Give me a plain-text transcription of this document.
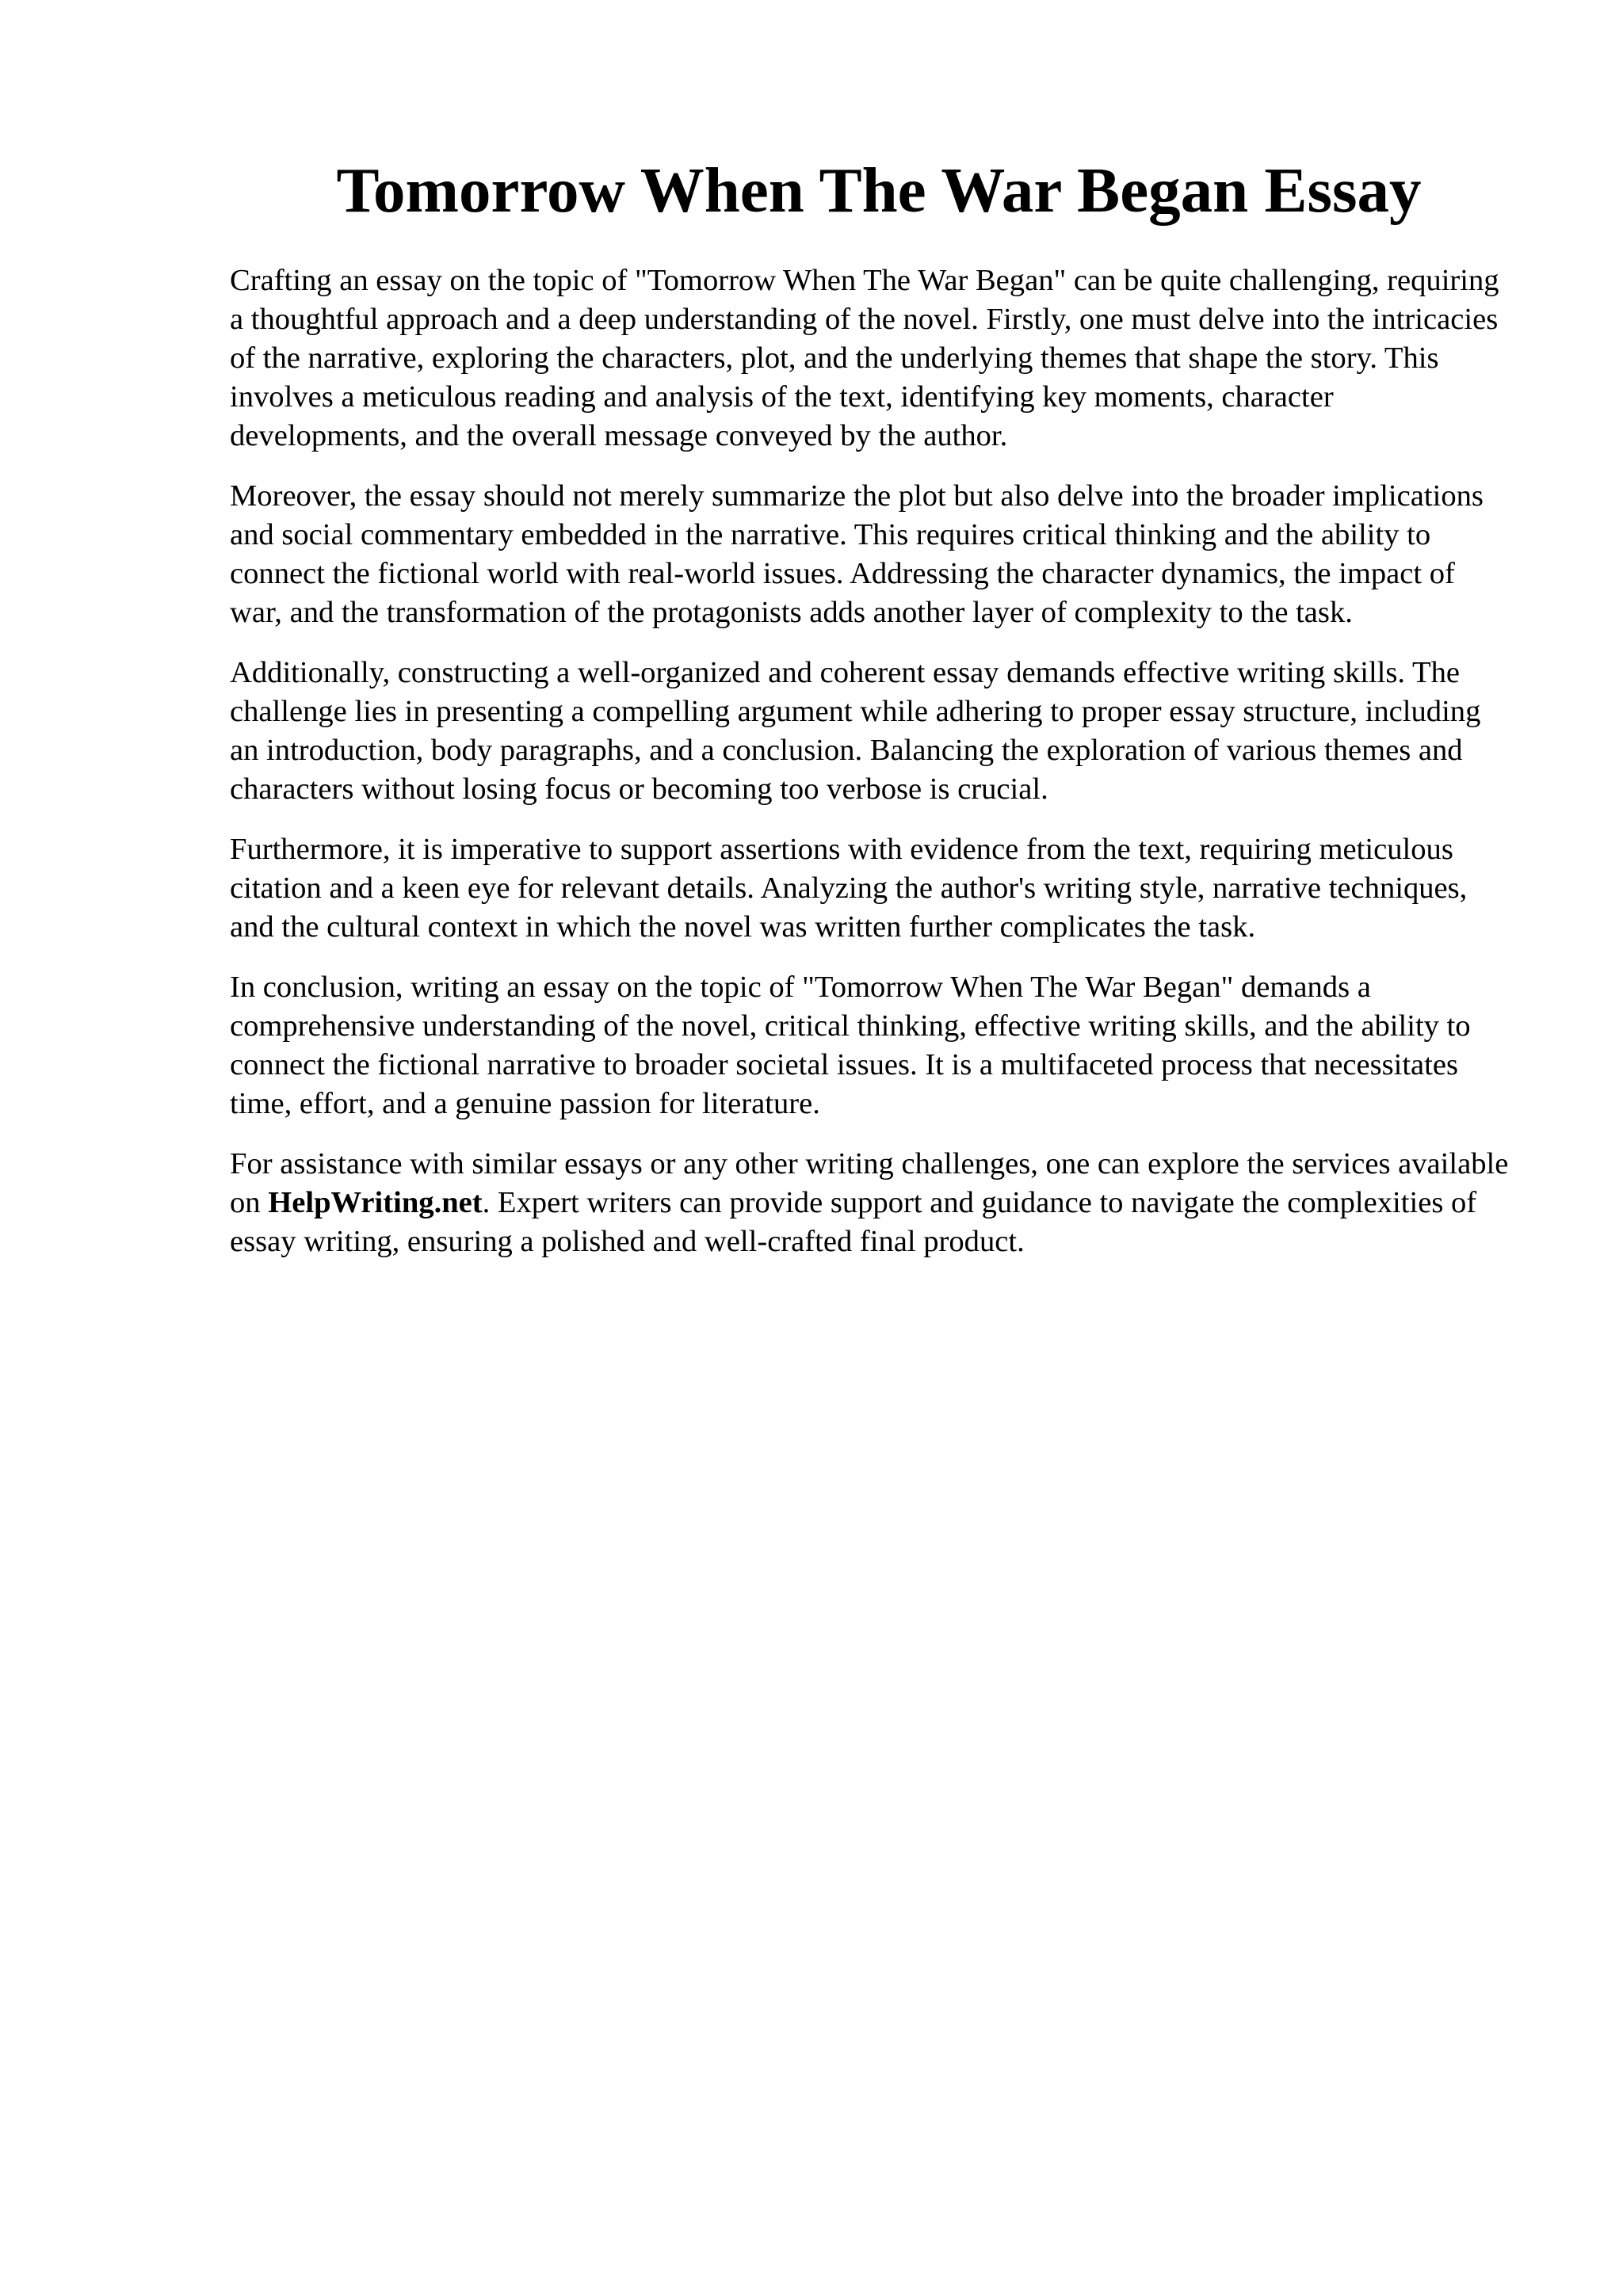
Tomorrow When The War Began Essay

Crafting an essay on the topic of "Tomorrow When The War Began" can be quite challenging, requiring a thoughtful approach and a deep understanding of the novel. Firstly, one must delve into the intricacies of the narrative, exploring the characters, plot, and the underlying themes that shape the story. This involves a meticulous reading and analysis of the text, identifying key moments, character developments, and the overall message conveyed by the author.

Moreover, the essay should not merely summarize the plot but also delve into the broader implications and social commentary embedded in the narrative. This requires critical thinking and the ability to connect the fictional world with real-world issues. Addressing the character dynamics, the impact of war, and the transformation of the protagonists adds another layer of complexity to the task.

Additionally, constructing a well-organized and coherent essay demands effective writing skills. The challenge lies in presenting a compelling argument while adhering to proper essay structure, including an introduction, body paragraphs, and a conclusion. Balancing the exploration of various themes and characters without losing focus or becoming too verbose is crucial.

Furthermore, it is imperative to support assertions with evidence from the text, requiring meticulous citation and a keen eye for relevant details. Analyzing the author's writing style, narrative techniques, and the cultural context in which the novel was written further complicates the task.

In conclusion, writing an essay on the topic of "Tomorrow When The War Began" demands a comprehensive understanding of the novel, critical thinking, effective writing skills, and the ability to connect the fictional narrative to broader societal issues. It is a multifaceted process that necessitates time, effort, and a genuine passion for literature.

For assistance with similar essays or any other writing challenges, one can explore the services available on HelpWriting.net. Expert writers can provide support and guidance to navigate the complexities of essay writing, ensuring a polished and well-crafted final product.
